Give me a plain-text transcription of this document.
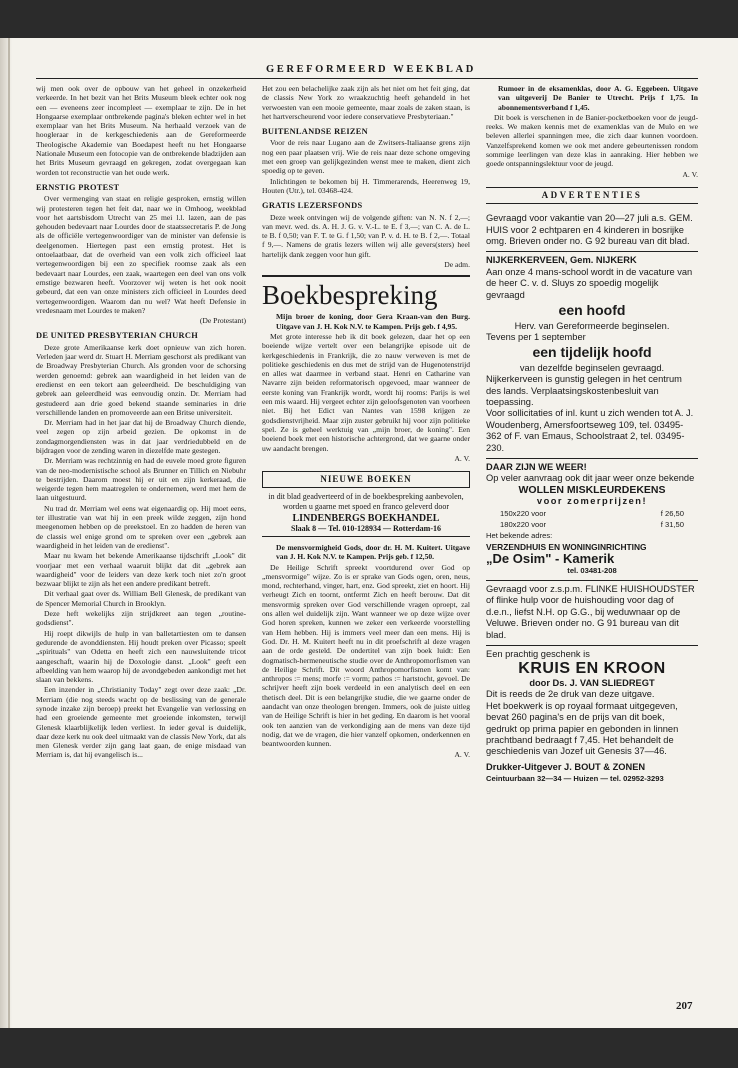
GEREFORMEERD WEEKBLAD

wij men ook over de opbouw van het geheel in onzekerheid verkeerde. In het bezit van het Brits Museum bleek echter ook nog een — eveneens zeer incompleet — exemplaar te zijn. De in het Hongaarse exemplaar ontbrekende pagina's bleken echter wel in het exemplaar van het Brits Museum. Na herhaald verzoek van de hoogleraar in de kerkgeschiedenis aan de Gereformeerde Theologische Akademie van Boedapest heeft nu het Hongaarse Nationale Museum een fotocopie van de ontbrekende bladzijden aan het Brits Museum gevraagd en gekregen, zodat overgegaan kan worden tot reconstructie van het oude werk.

ERNSTIG PROTEST

Over vermenging van staat en religie gesproken, ernstig willen wij protesteren tegen het feit dat, naar we in Omhoog, weekblad voor het aartsbisdom Utrecht van 25 mei l.l. lazen, aan de pas gehouden bedevaart naar Lourdes door de staatssecretaris P. de Jong als de officiële vertegenwoordiger van de minister van defensie is deelgenomen. Hiertegen past een ernstig protest. Het is ontoelaatbaar, dat de overheid van een volk zich officieel laat vertegenwoordigen bij een zo specifiek roomse zaak als een bedevaart naar Lourdes, een zaak, waartegen een deel van ons volk ernstige bezwaren heeft. Voorzover wij weten is het ook nooit gebeurd, dat een van onze ministers zich officieel in Lourdes deed vertegenwoordigen. Waarom dan nu wel? Wat heeft Defensie in vredesnaam met Lourdes te maken?

(De Protestant)
DE UNITED PRESBYTERIAN CHURCH

Deze grote Amerikaanse kerk doet opnieuw van zich horen. Verleden jaar werd dr. Stuart H. Merriam geschorst als predikant van de Broadway Presbyterian Church. Als gronden voor de schorsing werden genoemd: gebrek aan waardigheid in het leiden van de eredienst en een tekort aan geleerdheid. De beschuldiging van gebrek aan geleerdheid was eenvoudig onzin. Dr. Merriam had gestudeerd aan drie goed bekend staande seminaries in drie verschillende landen en promoveerde aan een Britse universiteit.

Dr. Merriam had in het jaar dat hij de Broadway Church diende, veel zegen op zijn arbeid gezien. De opkomst in de zondagmorgendiensten was in dat jaar verdriedubbeld en de bijdragen voor de zending waren in diezelfde mate gestegen.

Dr. Merriam was rechtzinnig en had de euvele moed grote figuren van de neo-modernistische school als Brunner en Tillich en Niebuhr te bestrijden. Daarom moest hij er uit en zijn kerkeraad, die weigerde tegen hem maatregelen te ondernemen, werd met hem de laan uitgestuurd.

Nu trad dr. Merriam wel eens wat eigenaardig op. Hij moet eens, ter illustratie van wat hij in een preek wilde zeggen, zijn hond meegenomen hebben op de preekstoel. En zo hadden de heren van de classis wel enige grond om te spreken over een „gebrek aan waardigheid in het leiden van de eredienst".

Maar nu kwam het bekende Amerikaanse tijdschrift „Look" dit voorjaar met een verhaal waaruit blijkt dat dit „gebrek aan waardigheid" voor de leiders van deze kerk toch niet zo'n groot bezwaar blijkt te zijn als het een andere predikant betreft.

Dit verhaal gaat over ds. William Bell Glenesk, de predikant van de Spencer Memorial Church in Brooklyn.

Deze heft wekelijks zijn strijdkreet aan tegen „routine-godsdienst".

Hij roept dikwijls de hulp in van balletartiesten om te dansen gedurende de avonddiensten. Hij houdt preken over Picasso; speelt „spirituals" van Odetta en heeft zich een nauwsluitende tricot aangeschaft, waarin hij de Doxologie danst. „Look" geeft een afbeelding van hem waarop hij de avondgebeden aankondigt met het slaan van bekkens.

Een inzender in „Christianity Today" zegt over deze zaak: „Dr. Merriam (die nog steeds wacht op de beslissing van de generale synode inzake zijn beroep) preekt het Evangelie van verlossing en had een groeiende gemeente met groeiende inkomsten, terwijl Glenesk klaarblijkelijk leden verliest. In ieder geval is duidelijk, daar deze kerk nu ook deel uitmaakt van de classis New York, dat als men Glenesk verder zijn gang laat gaan, de enige misdaad van Merriam is, dat hij evangelisch is...

Het zou een belachelijke zaak zijn als het niet om het feit ging, dat de classis New York zo wraakzuchtig heeft gehandeld in het verwoesten van een mooie gemeente, maar zoals de zaken staan, is het hartverscheurend voor iedere conservatieve Presbyteriaan."

BUITENLANDSE REIZEN

Voor de reis naar Lugano aan de Zwitsers-Italiaanse grens zijn nog een paar plaatsen vrij. Wie de reis naar deze schone omgeving met een groep van gelijkgezinden wenst mee te maken, dient zich spoedig op te geven.

Inlichtingen te bekomen bij H. Timmerarends, Heerenweg 19, Houten (Utr.), tel. 03468-424.

GRATIS LEZERSFONDS

Deze week ontvingen wij de volgende giften: van N. N. f 2,—; van mevr. wed. ds. A. H. J. G. v. V.-L. te E. f 3,—; van C. A. de L. te B. f 0,50; van F. T. te G. f 1,50; van P. v. d. H. te B. f 2,—. Totaal f 9,—. Namens de gratis lezers willen wij alle gevers(sters) heel hartelijk dank zeggen voor hun gift.

De adm.
Boekbespreking

Mijn broer de koning, door Gera Kraan-van den Burg. Uitgave van J. H. Kok N.V. te Kampen. Prijs geb. f 4,95.

Met grote interesse heb ik dit boek gelezen, daar het op een boeiende wijze vertelt over een belangrijke episode uit de kerkgeschiedenis in Frankrijk, die zo nauw verweven is met de politieke geschiedenis en dus met de strijd van de Hugenotenstrijd en alles wat daarmee in verband staat. Henri en Catharine van Navarre zijn beiden reformatorisch opgevoed, maar wanneer de eerste koning van Frankrijk wordt, wordt hij rooms: Parijs is wel een mis waard. Hij vergeet echter zijn geloofsgenoten van voorheen niet. Bij het Edict van Nantes van 1598 krijgen ze godsdienstvrijheid. Maar zijn zuster gebruikt hij voor zijn politieke spel. Ze is geheel werktuig van „mijn broer, de koning". Een boeiend boek met een historische achtergrond, dat we gaarne onder uw aandacht brengen.

A. V.
NIEUWE BOEKEN

in dit blad geadverteerd of in de boekbespreking aanbevolen, worden u gaarne met spoed en franco geleverd door

LINDENBERGS BOEKHANDEL
Slaak 8 — Tel. 010-128934 — Rotterdam-16

De mensvormigheid Gods, door dr. H. M. Kuitert. Uitgave van J. H. Kok N.V. te Kampen. Prijs geb. f 12,50.

De Heilige Schrift spreekt voortdurend over God op „mensvormige" wijze. Zo is er sprake van Gods ogen, oren, neus, mond, rechterhand, vinger, hart, enz. God spreekt, ziet en hoort. Hij verheugt Zich en toornt, ontfermt Zich en heeft berouw. Dat dit mensvormig spreken over God verschillende vragen oproept, zal ons allen wel duidelijk zijn. Want wanneer we op deze wijze over God horen spreken, kunnen we zeker een verkeerde voorstelling van Hem hebben. Hij is immers veel meer dan een mens. Hij is God. Dr. H. M. Kuitert heeft nu in dit proefschrift al deze vragen aan de orde gesteld. De ondertitel van zijn boek luidt: Een dogmatisch-hermeneutische studie over de Anthropomorfismen van de Heilige Schrift. Dit woord Anthropomorfismen komt van: anthropos := mens; morfe := vorm; pathos := hartstocht, gevoel. De schrijver heeft zijn boek verdeeld in een analytisch deel en een thetisch deel. Dit is een belangrijke studie, die we gaarne onder de aandacht van onze theologen brengen. Immers, ook de juiste uitleg van de Heilige Schrift is hier in het geding. En daarom is het vooral ook ten aanzien van de verkondiging aan de mens van deze tijd nodig, dat we de vragen, die hier vanzelf opkomen, onderkennen en beantwoorden kunnen.

A. V.

Rumoer in de eksamenklas, door A. G. Eggebeen. Uitgave van uitgeverij De Banier te Utrecht. Prijs f 1,75. In abonnementsverband f 1,45.

Dit boek is verschenen in de Banier-pocketboeken voor de jeugd-reeks. We maken kennis met de examenklas van de Mulo en we beleven allerlei spanningen mee, die zich daar kunnen voordoen. Vanzelfsprekend komen we ook met andere gebeurtenissen rondom sommige leerlingen van deze klas in aanraking. Hier hebben we goede ontspanningslektuur voor de jeugd.

A. V.
ADVERTENTIES
Gevraagd voor vakantie van 20—27 juli a.s. GEM. HUIS voor 2 echtparen en 4 kinderen in bosrijke omg. Brieven onder no. G 92 bureau van dit blad.
NIJKERKERVEEN, Gem. NIJKERK
Aan onze 4 mans-school wordt in de vacature van de heer C. v. d. Sluys zo spoedig mogelijk gevraagd
een hoofd
Herv. van Gereformeerde beginselen.
Tevens per 1 september
een tijdelijk hoofd
van dezelfde beginselen gevraagd.
Nijkerkerveen is gunstig gelegen in het centrum des lands. Verplaatsingskostenbesluit van toepassing.
Voor sollicitaties of inl. kunt u zich wenden tot A. J. Woudenberg, Amersfoortseweg 109, tel. 03495-362 of F. van Emaus, Schoolstraat 2, tel. 03495-230.
DAAR ZIJN WE WEER!
Op veler aanvraag ook dit jaar weer onze bekende
WOLLEN MISKLEURDEKENS
voor zomerprijzen!
150x220 voor	f 26,50
180x220 voor	f 31,50
Het bekende adres:
VERZENDHUIS EN WONINGINRICHTING
„De Osim" - Kamerik
tel. 03481-208
Gevraagd voor z.s.p.m. FLINKE HUISHOUDSTER of flinke hulp voor de huishouding voor dag of d.e.n., liefst N.H. op G.G., bij weduwnaar op de Veluwe. Brieven onder no. G 91 bureau van dit blad.
Een prachtig geschenk is
KRUIS EN KROON
door Ds. J. VAN SLIEDREGT
Dit is reeds de 2e druk van deze uitgave.
Het boekwerk is op royaal formaat uitgegeven, bevat 260 pagina's en de prijs van dit boek, gedrukt op prima papier en gebonden in linnen prachtband bedraagt f 7,45. Het behandelt de geschiedenis van Jozef uit Genesis 37—46.
Drukker-Uitgever J. BOUT & ZONEN
Ceintuurbaan 32—34 — Huizen — tel. 02952-3293
207
